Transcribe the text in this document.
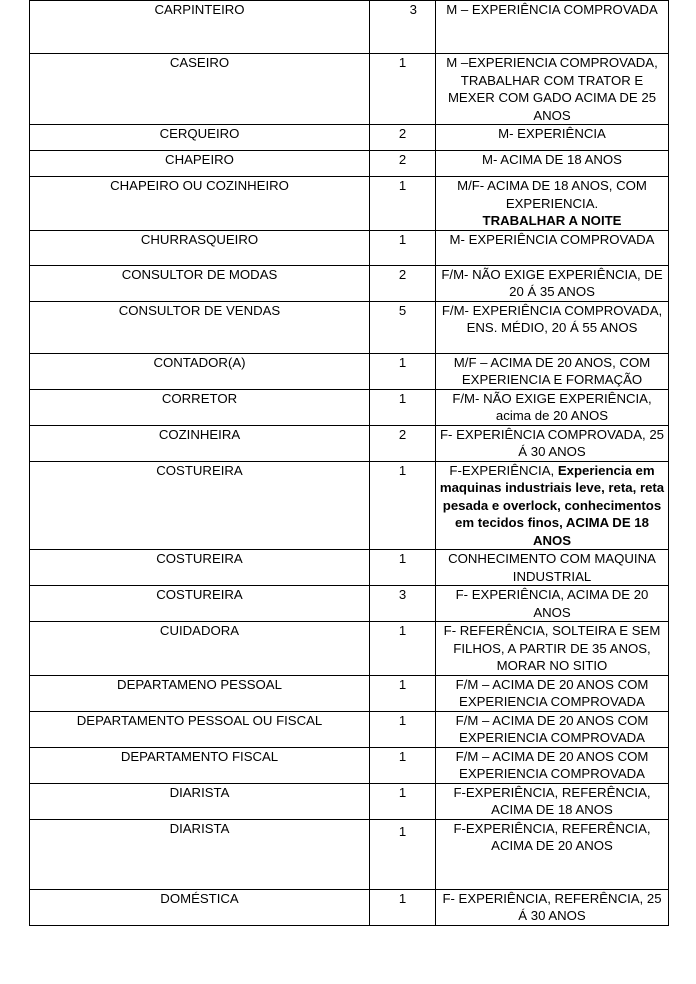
CARPINTEIRO	3	M – EXPERIÊNCIA COMPROVADA
CASEIRO	1	M –EXPERIENCIA COMPROVADA, TRABALHAR COM TRATOR E MEXER COM GADO ACIMA DE 25 ANOS
CERQUEIRO	2	M- EXPERIÊNCIA
CHAPEIRO	2	M- ACIMA DE 18 ANOS
CHAPEIRO OU COZINHEIRO	1	M/F- ACIMA DE 18 ANOS, COM EXPERIENCIA.
TRABALHAR A NOITE
CHURRASQUEIRO	1	M- EXPERIÊNCIA COMPROVADA
CONSULTOR DE MODAS	2	F/M- NÃO EXIGE EXPERIÊNCIA, DE 20 Á 35 ANOS
CONSULTOR DE VENDAS	5	F/M- EXPERIÊNCIA COMPROVADA, ENS. MÉDIO, 20 Á 55 ANOS
CONTADOR(A)	1	M/F – ACIMA DE 20 ANOS, COM EXPERIENCIA E FORMAÇÃO
CORRETOR	1	F/M- NÃO EXIGE EXPERIÊNCIA, acima de 20 ANOS
COZINHEIRA	2	F- EXPERIÊNCIA COMPROVADA, 25 Á 30 ANOS
COSTUREIRA	1	F-EXPERIÊNCIA, Experiencia em maquinas industriais leve, reta, reta pesada e overlock, conhecimentos em tecidos finos, ACIMA DE 18 ANOS
COSTUREIRA	1	CONHECIMENTO COM MAQUINA INDUSTRIAL
COSTUREIRA	3	F- EXPERIÊNCIA, ACIMA DE 20 ANOS
CUIDADORA	1	F- REFERÊNCIA, SOLTEIRA E SEM FILHOS, A PARTIR DE 35 ANOS, MORAR NO SITIO
DEPARTAMENO PESSOAL	1	F/M – ACIMA DE 20 ANOS COM EXPERIENCIA COMPROVADA
DEPARTAMENTO PESSOAL OU FISCAL	1	F/M – ACIMA DE 20 ANOS COM EXPERIENCIA COMPROVADA
DEPARTAMENTO FISCAL	1	F/M – ACIMA DE 20 ANOS COM EXPERIENCIA COMPROVADA
DIARISTA	1	F-EXPERIÊNCIA, REFERÊNCIA, ACIMA DE 18 ANOS
DIARISTA	1	F-EXPERIÊNCIA, REFERÊNCIA, ACIMA DE 20 ANOS
DOMÉSTICA	1	F- EXPERIÊNCIA, REFERÊNCIA, 25 Á 30 ANOS
